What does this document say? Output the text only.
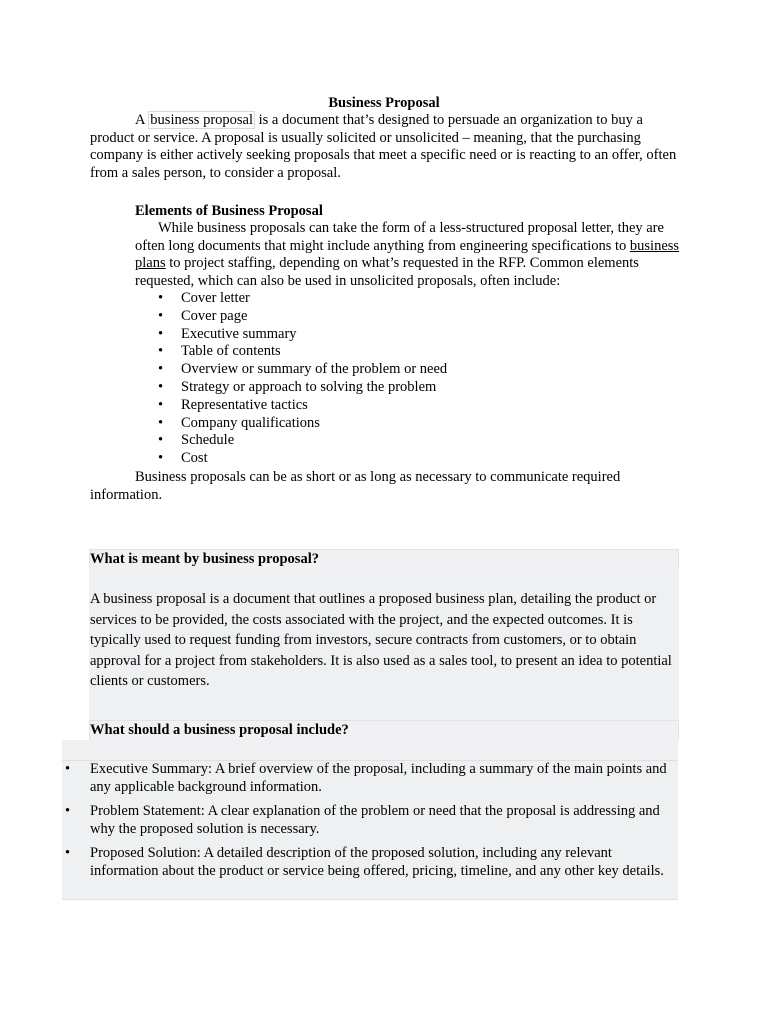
Business Proposal

A business proposal is a document that’s designed to persuade an organization to buy a product or service. A proposal is usually solicited or unsolicited – meaning, that the purchasing company is either actively seeking proposals that meet a specific need or is reacting to an offer, often from a sales person, to consider a proposal.

Elements of Business Proposal

While business proposals can take the form of a less-structured proposal letter, they are often long documents that might include anything from engineering specifications to business plans to project staffing, depending on what’s requested in the RFP. Common elements requested, which can also be used in unsolicited proposals, often include:

• Cover letter
• Cover page
• Executive summary
• Table of contents
• Overview or summary of the problem or need
• Strategy or approach to solving the problem
• Representative tactics
• Company qualifications
• Schedule
• Cost

Business proposals can be as short or as long as necessary to communicate required information.

What is meant by business proposal?

A business proposal is a document that outlines a proposed business plan, detailing the product or services to be provided, the costs associated with the project, and the expected outcomes. It is typically used to request funding from investors, secure contracts from customers, or to obtain approval for a project from stakeholders. It is also used as a sales tool, to present an idea to potential clients or customers.

What should a business proposal include?
• Executive Summary: A brief overview of the proposal, including a summary of the main points and any applicable background information.
• Problem Statement: A clear explanation of the problem or need that the proposal is addressing and why the proposed solution is necessary.
• Proposed Solution: A detailed description of the proposed solution, including any relevant information about the product or service being offered, pricing, timeline, and any other key details.
